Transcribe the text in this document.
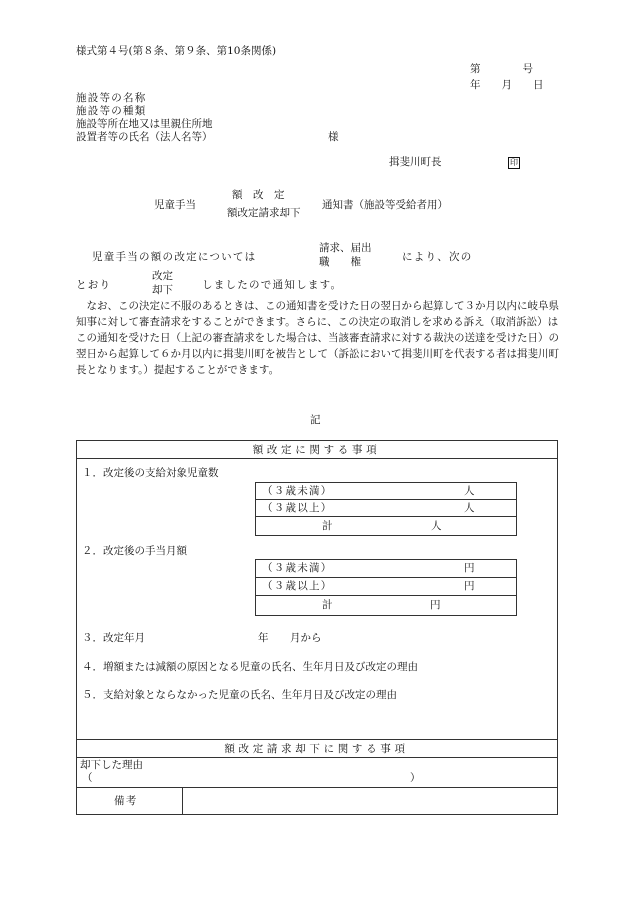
様式第４号(第８条、第９条、第10条関係)
第　　　　号
年　　月　　日
施設等の名称
施設等の種類
施設等所在地又は里親住所地
設置者等の氏名（法人名等）	様
揖斐川町長	印
児童手当
額　改　定
額改定請求却下
通知書（施設等受給者用）
児童手当の額の改定については
請求、届出
職　　権	により、次の
とおり
改定
却下	しましたので通知します。
なお、この決定に不服のあるときは、この通知書を受けた日の翌日から起算して３か月以内に岐阜県知事に対して審査請求をすることができます。さらに、この決定の取消しを求める訴え（取消訴訟）はこの通知を受けた日（上記の審査請求をした場合は、当該審査請求に対する裁決の送達を受けた日）の翌日から起算して６か月以内に揖斐川町を被告として（訴訟において揖斐川町を代表する者は揖斐川町長となります。）提起することができます。
記
額改定に関する事項
１．改定後の支給対象児童数
（３歳未満）	人
（３歳以上）	人
計	人
２．改定後の手当月額
（３歳未満）	円
（３歳以上）	円
計	円
３．改定年月	年 月から
４．増額または減額の原因となる児童の氏名、生年月日及び改定の理由
５．支給対象とならなかった児童の氏名、生年月日及び改定の理由
額改定請求却下に関する事項
却下した理由
（	）
備考
